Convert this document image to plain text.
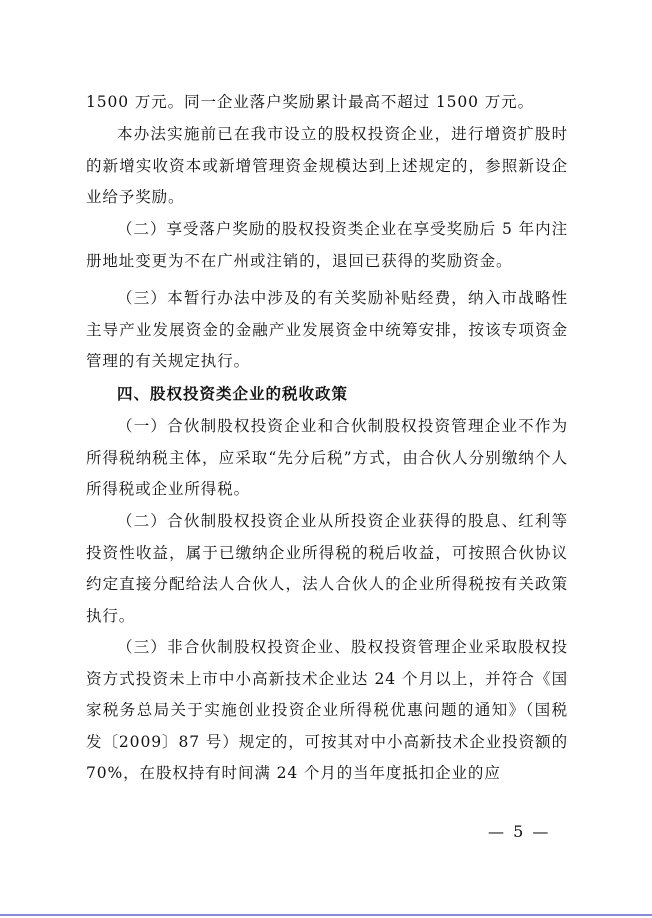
1500 万元。同一企业落户奖励累计最高不超过 1500 万元。

本办法实施前已在我市设立的股权投资企业，进行增资扩股时的新增实收资本或新增管理资金规模达到上述规定的，参照新设企业给予奖励。

（二）享受落户奖励的股权投资类企业在享受奖励后 5 年内注册地址变更为不在广州或注销的，退回已获得的奖励资金。

（三）本暂行办法中涉及的有关奖励补贴经费，纳入市战略性主导产业发展资金的金融产业发展资金中统筹安排，按该专项资金管理的有关规定执行。

四、股权投资类企业的税收政策

（一）合伙制股权投资企业和合伙制股权投资管理企业不作为所得税纳税主体，应采取“先分后税”方式，由合伙人分别缴纳个人所得税或企业所得税。

（二）合伙制股权投资企业从所投资企业获得的股息、红利等投资性收益，属于已缴纳企业所得税的税后收益，可按照合伙协议约定直接分配给法人合伙人，法人合伙人的企业所得税按有关政策执行。

（三）非合伙制股权投资企业、股权投资管理企业采取股权投资方式投资未上市中小高新技术企业达 24 个月以上，并符合《国家税务总局关于实施创业投资企业所得税优惠问题的通知》（国税发〔2009〕87 号）规定的，可按其对中小高新技术企业投资额的 70%，在股权持有时间满 24 个月的当年度抵扣企业的应

— 5 —
